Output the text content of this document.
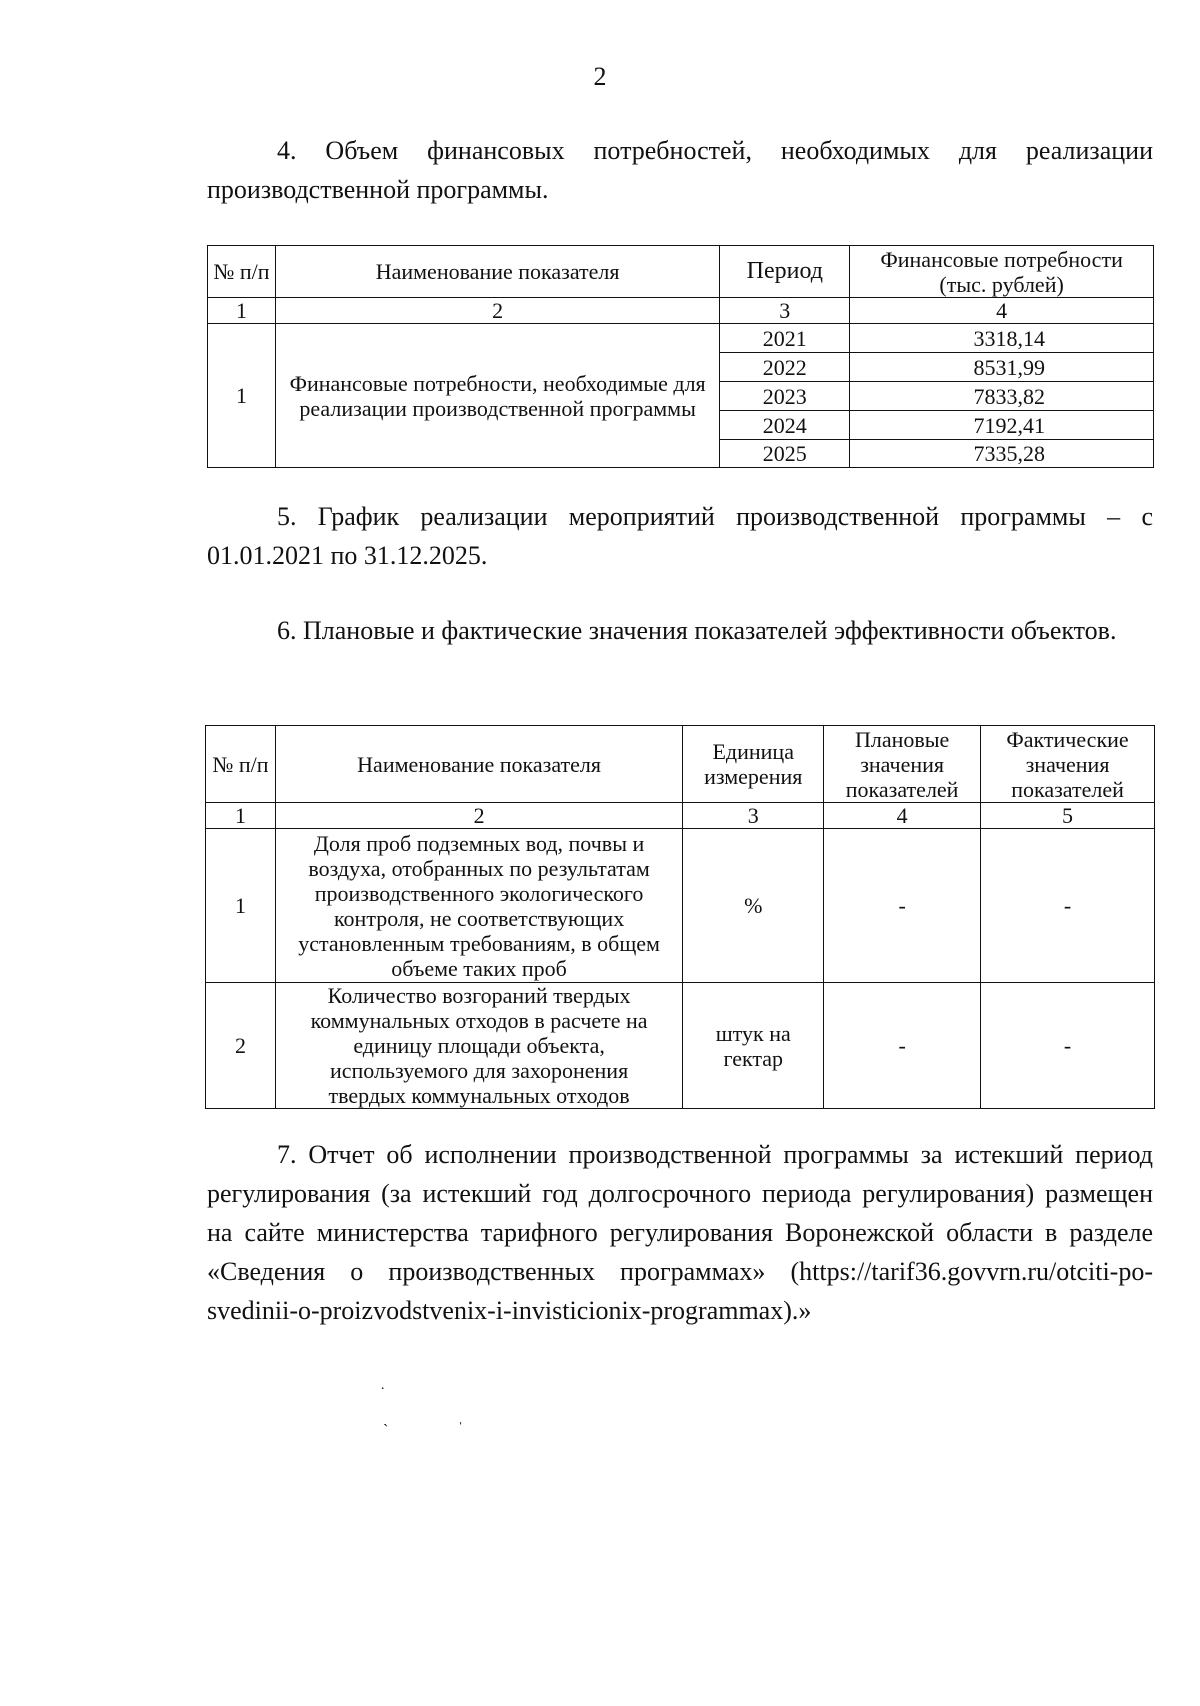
2
4. Объем финансовых потребностей, необходимых для реализации производственной программы.
№ п/п	Наименование показателя	Период	Финансовые потребности (тыс. рублей)
1	2	3	4
1	Финансовые потребности, необходимые для реализации производственной программы	2021	3318,14
		2022	8531,99
		2023	7833,82
		2024	7192,41
		2025	7335,28
5. График реализации мероприятий производственной программы – с 01.01.2021 по 31.12.2025.
6. Плановые и фактические значения показателей эффективности объектов.
№ п/п	Наименование показателя	Единица измерения	Плановые значения показателей	Фактические значения показателей
1	2	3	4	5
1	Доля проб подземных вод, почвы и воздуха, отобранных по результатам производственного экологического контроля, не соответствующих установленным требованиям, в общем объеме таких проб	%	-	-
2	Количество возгораний твердых коммунальных отходов в расчете на единицу площади объекта, используемого для захоронения твердых коммунальных отходов	штук на гектар	-	-
7. Отчет об исполнении производственной программы за истекший период регулирования (за истекший год долгосрочного периода регулирования) размещен на сайте министерства тарифного регулирования Воронежской области в разделе «Сведения о производственных программах» (https://tarif36.govvrn.ru/otciti-po-svedinii-o-proizvodstvenix-i-invisticionix-programmax).»
˙
ˏ
ˈ
